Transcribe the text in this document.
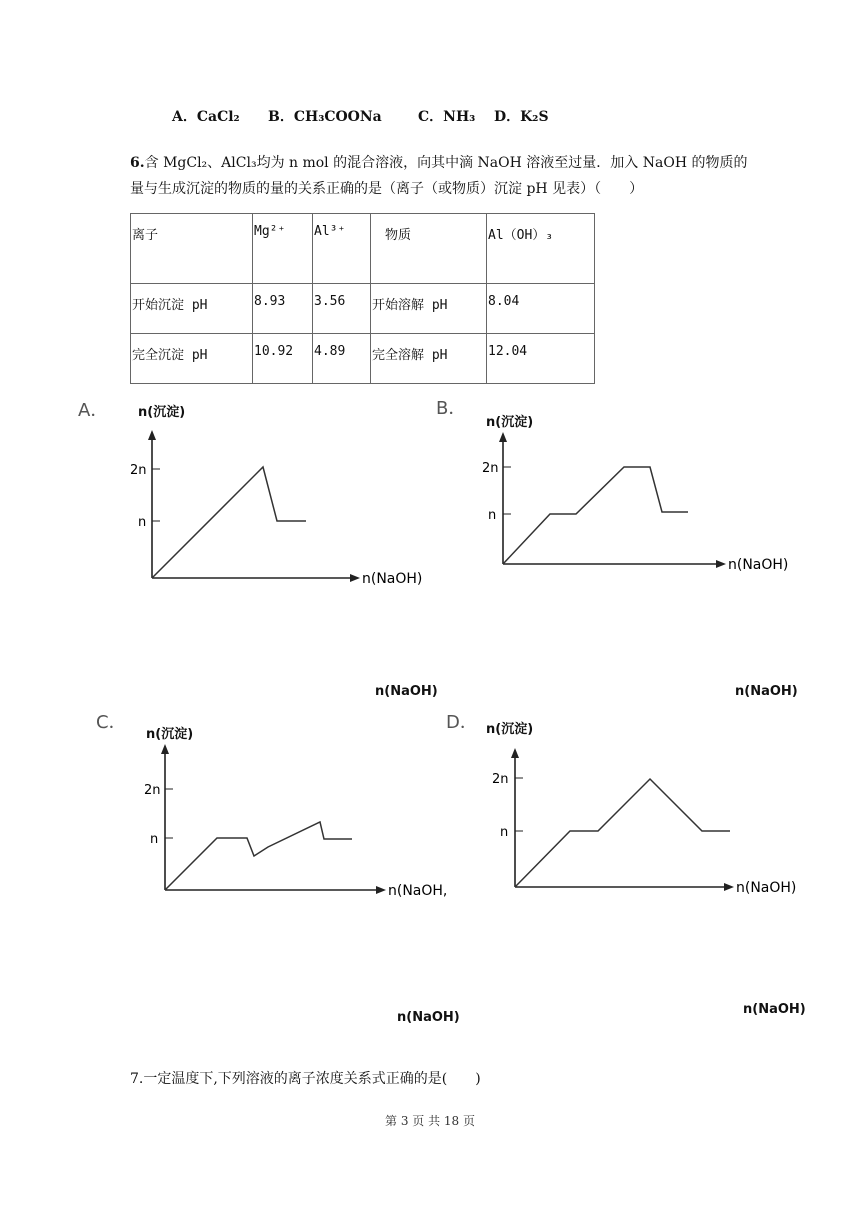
A．CaCl₂ B．CH₃COONa	C．NH₃ D．K₂S
6.含 MgCl₂、AlCl₃均为 n mol 的混合溶液，向其中滴 NaOH 溶液至过量．加入 NaOH 的物质的
量与生成沉淀的物质的量的关系正确的是（离子（或物质）沉淀 pH 见表）（　　）
离子	Mg²⁺	Al³⁺	物质	Al（OH）₃
开始沉淀 pH	8.93	3.56	开始溶解 pH	8.04
完全沉淀 pH	10.92	4.89	完全溶解 pH	12.04
A． n(沉淀)
2n
n
n(NaOH)
n(NaOH)
B．
n(沉淀)
2n
n
n(NaOH)
n(NaOH)
C．
n(沉淀)
2n
n
n(NaOH,
n(NaOH)
D． n(沉淀)
2n
n
n(NaOH)
n(NaOH)
7.一定温度下,下列溶液的离子浓度关系式正确的是(　　)
第 3 页 共 18 页
